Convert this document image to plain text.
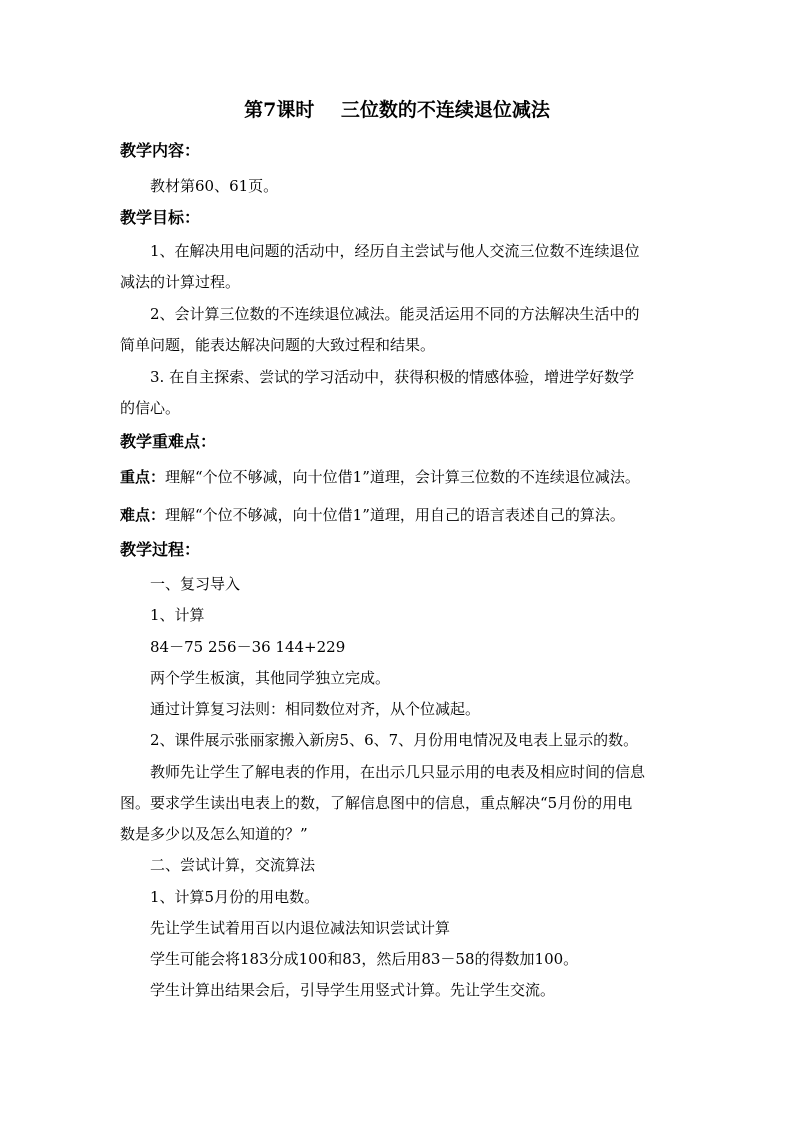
第7课时    三位数的不连续退位减法
教学内容：
教材第60、61页。
教学目标：
1、在解决用电问题的活动中，经历自主尝试与他人交流三位数不连续退位
减法的计算过程。
2、会计算三位数的不连续退位减法。能灵活运用不同的方法解决生活中的
简单问题，能表达解决问题的大致过程和结果。
3. 在自主探索、尝试的学习活动中，获得积极的情感体验，增进学好数学
的信心。
教学重难点：
重点：理解“个位不够减，向十位借1”道理，会计算三位数的不连续退位减法。
难点：理解“个位不够减，向十位借1”道理，用自己的语言表述自己的算法。
教学过程：
一、复习导入
1、计算
84－75 256－36 144+229
两个学生板演，其他同学独立完成。
通过计算复习法则：相同数位对齐，从个位减起。
2、课件展示张丽家搬入新房5、6、7、月份用电情况及电表上显示的数。
教师先让学生了解电表的作用，在出示几只显示用的电表及相应时间的信息
图。要求学生读出电表上的数，了解信息图中的信息，重点解决“5月份的用电
数是多少以及怎么知道的？”
二、尝试计算，交流算法
1、计算5月份的用电数。
先让学生试着用百以内退位减法知识尝试计算
学生可能会将183分成100和83，然后用83－58的得数加100。
学生计算出结果会后，引导学生用竖式计算。先让学生交流。
